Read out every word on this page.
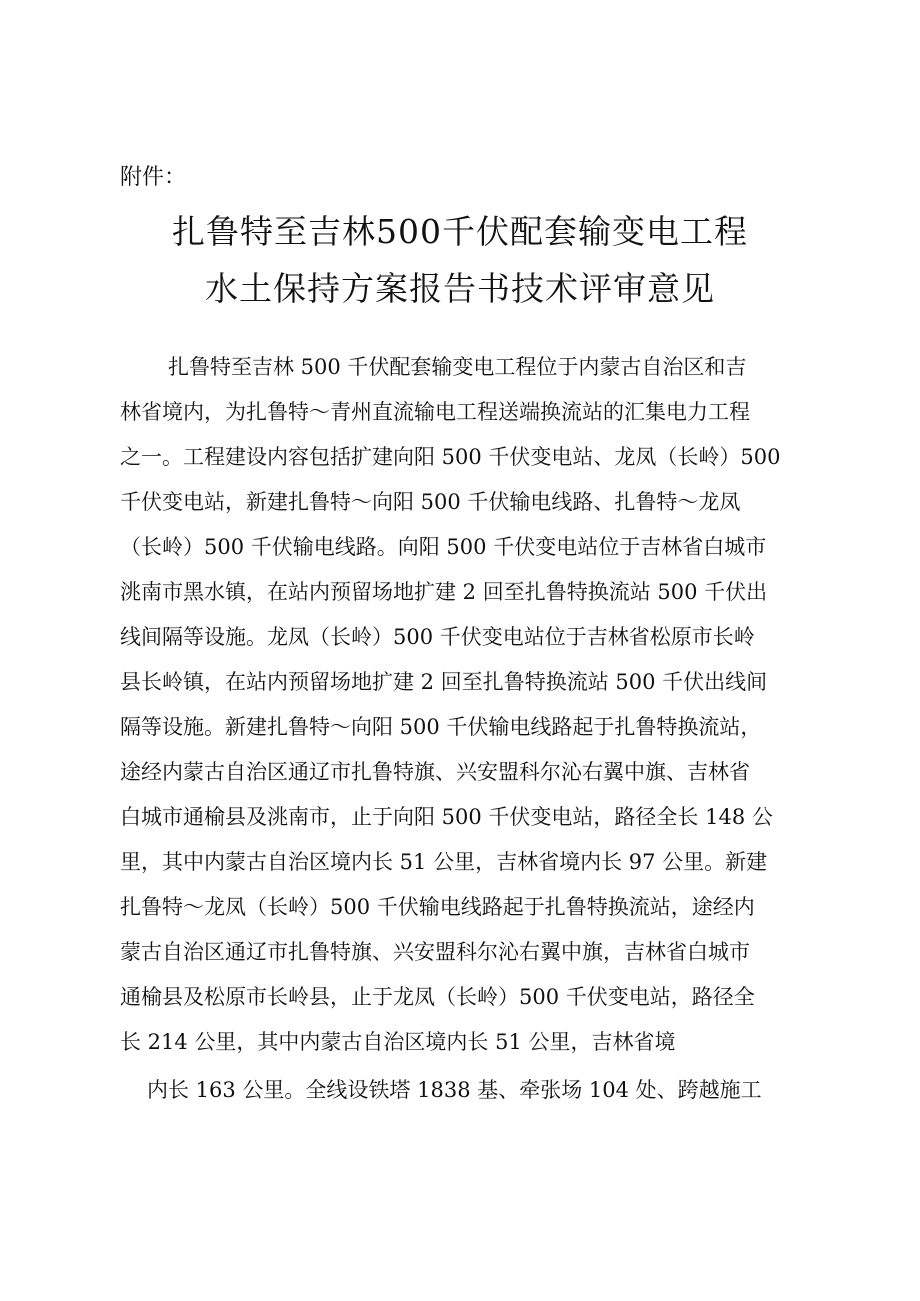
附件：
扎鲁特至吉林500千伏配套输变电工程
水土保持方案报告书技术评审意见
扎鲁特至吉林 500 千伏配套输变电工程位于内蒙古自治区和吉
林省境内，为扎鲁特～青州直流输电工程送端换流站的汇集电力工程
之一。工程建设内容包括扩建向阳 500 千伏变电站、龙凤（长岭）500
千伏变电站，新建扎鲁特～向阳 500 千伏输电线路、扎鲁特～龙凤
（长岭）500 千伏输电线路。向阳 500 千伏变电站位于吉林省白城市
洮南市黑水镇，在站内预留场地扩建 2 回至扎鲁特换流站 500 千伏出
线间隔等设施。龙凤（长岭）500 千伏变电站位于吉林省松原市长岭
县长岭镇，在站内预留场地扩建 2 回至扎鲁特换流站 500 千伏出线间
隔等设施。新建扎鲁特～向阳 500 千伏输电线路起于扎鲁特换流站，
途经内蒙古自治区通辽市扎鲁特旗、兴安盟科尔沁右翼中旗、吉林省
白城市通榆县及洮南市，止于向阳 500 千伏变电站，路径全长 148 公
里，其中内蒙古自治区境内长 51 公里，吉林省境内长 97 公里。新建
扎鲁特～龙凤（长岭）500 千伏输电线路起于扎鲁特换流站，途经内
蒙古自治区通辽市扎鲁特旗、兴安盟科尔沁右翼中旗，吉林省白城市
通榆县及松原市长岭县，止于龙凤（长岭）500 千伏变电站，路径全
长 214 公里，其中内蒙古自治区境内长 51 公里，吉林省境
内长 163 公里。全线设铁塔 1838 基、牵张场 104 处、跨越施工
